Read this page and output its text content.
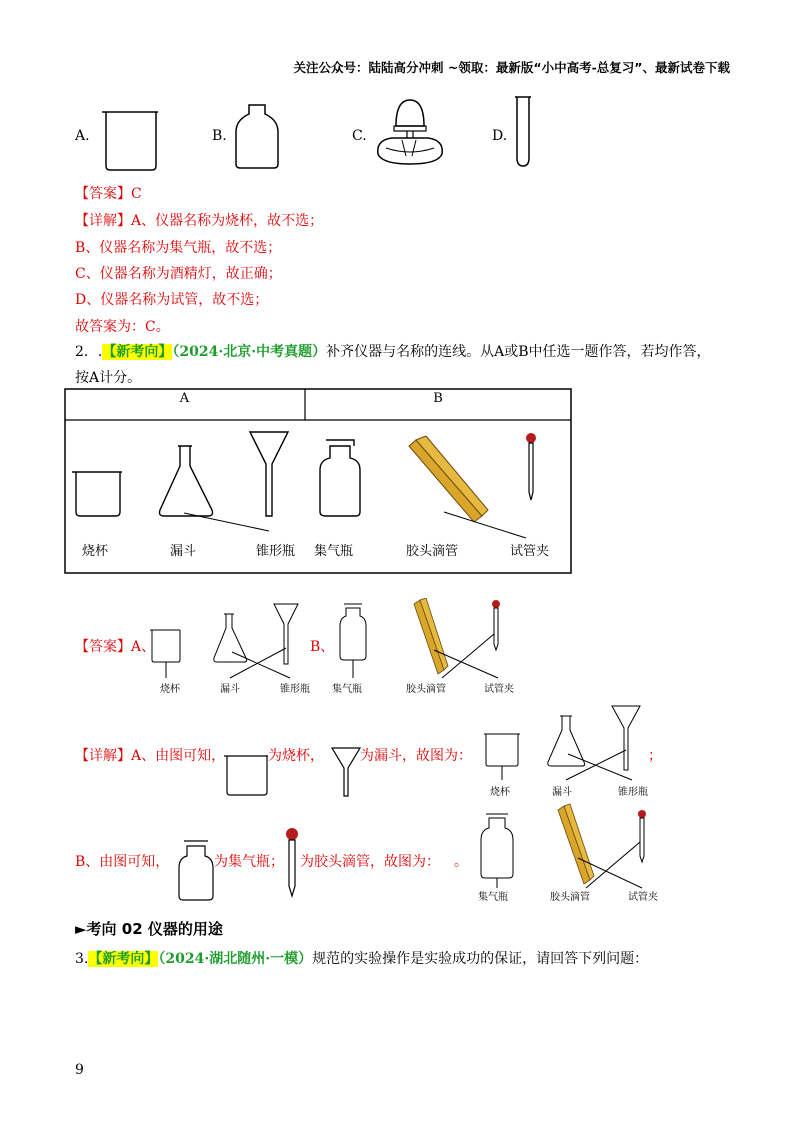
关注公众号：陆陆高分冲刺 ~领取：最新版“小中高考-总复习”、最新试卷下载
A.	B.	C.	D.
【答案】C
【详解】A、仪器名称为烧杯，故不选；
B、仪器名称为集气瓶，故不选；
C、仪器名称为酒精灯，故正确；
D、仪器名称为试管，故不选；
故答案为：C。
2．.【新考向】（2024·北京·中考真题）补齐仪器与名称的连线。从A或B中任选一题作答，若均作答，
按A计分。
A	B
烧杯	漏斗	锥形瓶 集气瓶	胶头滴管	试管夹
【答案】A、
烧杯	漏斗	锥形瓶
B、
集气瓶	胶头滴管	试管夹
【详解】A、由图可知，	为烧杯，	为漏斗，故图为：
烧杯	漏斗	锥形瓶
；
B、由图可知，	为集气瓶； 为胶头滴管，故图为： 。
集气瓶	胶头滴管	试管夹
►考向 02 仪器的用途
3.【新考向】（2024·湖北随州·一模）规范的实验操作是实验成功的保证，请回答下列问题：
9
